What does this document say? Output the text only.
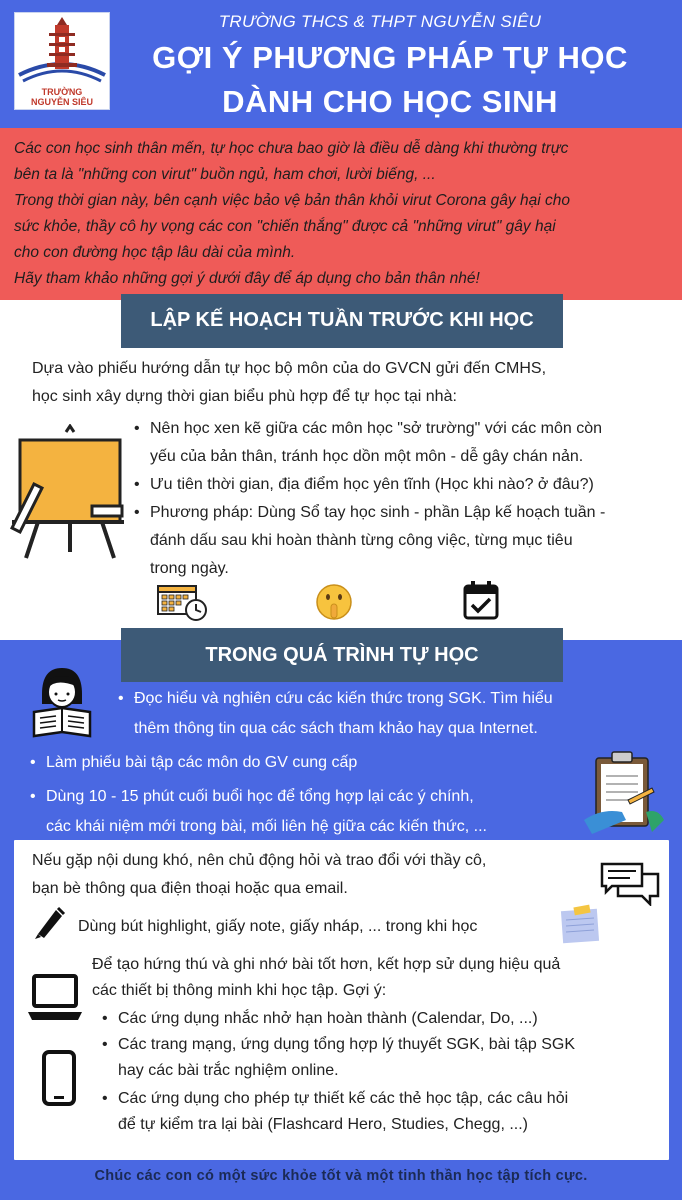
TRƯỜNG
NGUYỄN SIÊU
TRƯỜNG THCS & THPT NGUYỄN SIÊU
GỢI Ý PHƯƠNG PHÁP TỰ HỌC
DÀNH CHO HỌC SINH

Các con học sinh thân mến, tự học chưa bao giờ là điều dễ dàng khi thường trực

bên ta là "những con virut" buồn ngủ, ham chơi, lười biếng, ...

Trong thời gian này, bên cạnh việc bảo vệ bản thân khỏi virut Corona gây hại cho

sức khỏe, thầy cô hy vọng các con "chiến thắng" được cả "những virut" gây hại

cho con đường học tập lâu dài của mình.

Hãy tham khảo những gợi ý dưới đây để áp dụng cho bản thân nhé!

LẬP KẾ HOẠCH TUẦN TRƯỚC KHI HỌC
Dựa vào phiếu hướng dẫn tự học bộ môn của do GVCN gửi đến CMHS,
học sinh xây dựng thời gian biểu phù hợp để tự học tại nhà:
• Nên học xen kẽ giữa các môn học "sở trường" với các môn còn
yếu của bản thân, tránh học dồn một môn - dễ gây chán nản.
• Ưu tiên thời gian, địa điểm học yên tĩnh (Học khi nào? ở đâu?)
• Phương pháp: Dùng Sổ tay học sinh - phần Lập kế hoạch tuần -
đánh dấu sau khi hoàn thành từng công việc, từng mục tiêu
trong ngày.
TRONG QUÁ TRÌNH TỰ HỌC
• Đọc hiểu và nghiên cứu các kiến thức trong SGK. Tìm hiểu
thêm thông tin qua các sách tham khảo hay qua Internet.
• Làm phiếu bài tập các môn do GV cung cấp
• Dùng 10 - 15 phút cuối buổi học để tổng hợp lại các ý chính,
các khái niệm mới trong bài, mối liên hệ giữa các kiến thức, ...
Nếu gặp nội dung khó, nên chủ động hỏi và trao đổi với thầy cô,
bạn bè thông qua điện thoại hoặc qua email.
Dùng bút highlight, giấy note, giấy nháp, ... trong khi học
Để tạo hứng thú và ghi nhớ bài tốt hơn, kết hợp sử dụng hiệu quả
các thiết bị thông minh khi học tập. Gợi ý:
• Các ứng dụng nhắc nhở hạn hoàn thành (Calendar, Do, ...)
• Các trang mạng, ứng dụng tổng hợp lý thuyết SGK, bài tập SGK
hay các bài trắc nghiệm online.
• Các ứng dụng cho phép tự thiết kế các thẻ học tập, các câu hỏi
để tự kiểm tra lại bài (Flashcard Hero, Studies, Chegg, ...)
Chúc các con có một sức khỏe tốt và một tinh thần học tập tích cực.
